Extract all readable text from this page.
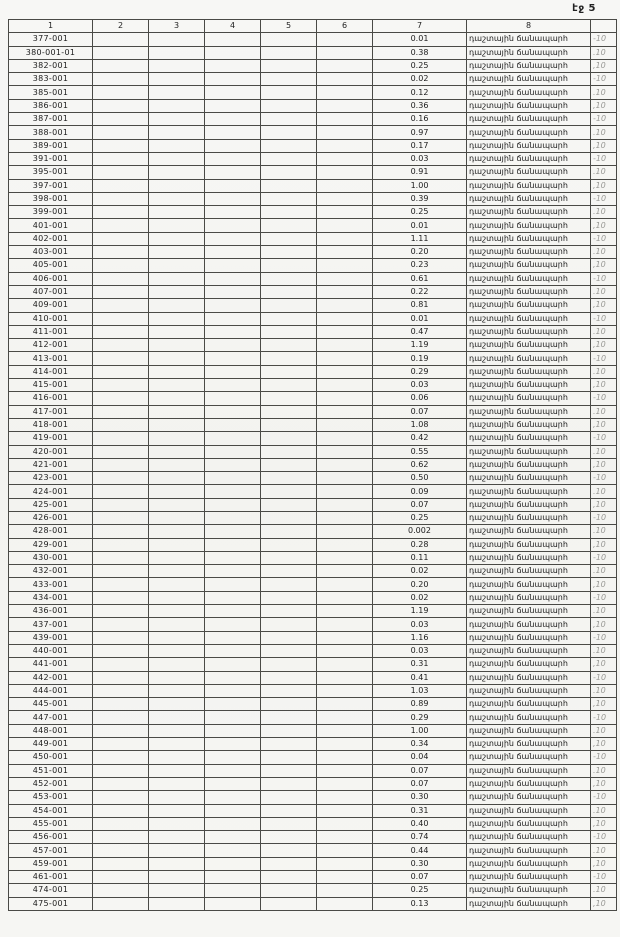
էջ 5
1	2	3	4	5	6	7	8	
377-001						0.01	դաշտային ճանապարհ	-10
380-001-01						0.38	դաշտային ճանապարհ	.10
382-001						0.25	դաշտային ճանապարհ	,10
383-001						0.02	դաշտային ճանապարհ	-10
385-001						0.12	դաշտային ճանապարհ	.10
386-001						0.36	դաշտային ճանապարհ	,10
387-001						0.16	դաշտային ճանապարհ	-10
388-001						0.97	դաշտային ճանապարհ	.10
389-001						0.17	դաշտային ճանապարհ	,10
391-001						0.03	դաշտային ճանապարհ	-10
395-001						0.91	դաշտային ճանապարհ	.10
397-001						1.00	դաշտային ճանապարհ	,10
398-001						0.39	դաշտային ճանապարհ	-10
399-001						0.25	դաշտային ճանապարհ	.10
401-001						0.01	դաշտային ճանապարհ	,10
402-001						1.11	դաշտային ճանապարհ	-10
403-001						0.20	դաշտային ճանապարհ	.10
405-001						0.23	դաշտային ճանապարհ	,10
406-001						0.61	դաշտային ճանապարհ	-10
407-001						0.22	դաշտային ճանապարհ	.10
409-001						0.81	դաշտային ճանապարհ	,10
410-001						0.01	դաշտային ճանապարհ	-10
411-001						0.47	դաշտային ճանապարհ	.10
412-001						1.19	դաշտային ճանապարհ	,10
413-001						0.19	դաշտային ճանապարհ	-10
414-001						0.29	դաշտային ճանապարհ	.10
415-001						0.03	դաշտային ճանապարհ	,10
416-001						0.06	դաշտային ճանապարհ	-10
417-001						0.07	դաշտային ճանապարհ	.10
418-001						1.08	դաշտային ճանապարհ	,10
419-001						0.42	դաշտային ճանապարհ	-10
420-001						0.55	դաշտային ճանապարհ	.10
421-001						0.62	դաշտային ճանապարհ	,10
423-001						0.50	դաշտային ճանապարհ	-10
424-001						0.09	դաշտային ճանապարհ	.10
425-001						0.07	դաշտային ճանապարհ	,10
426-001						0.25	դաշտային ճանապարհ	-10
428-001						0.002	դաշտային ճանապարհ	.10
429-001						0.28	դաշտային ճանապարհ	,10
430-001						0.11	դաշտային ճանապարհ	-10
432-001						0.02	դաշտային ճանապարհ	.10
433-001						0.20	դաշտային ճանապարհ	,10
434-001						0.02	դաշտային ճանապարհ	-10
436-001						1.19	դաշտային ճանապարհ	.10
437-001						0.03	դաշտային ճանապարհ	,10
439-001						1.16	դաշտային ճանապարհ	-10
440-001						0.03	դաշտային ճանապարհ	.10
441-001						0.31	դաշտային ճանապարհ	,10
442-001						0.41	դաշտային ճանապարհ	-10
444-001						1.03	դաշտային ճանապարհ	.10
445-001						0.89	դաշտային ճանապարհ	,10
447-001						0.29	դաշտային ճանապարհ	-10
448-001						1.00	դաշտային ճանապարհ	.10
449-001						0.34	դաշտային ճանապարհ	,10
450-001						0.04	դաշտային ճանապարհ	-10
451-001						0.07	դաշտային ճանապարհ	.10
452-001						0.07	դաշտային ճանապարհ	,10
453-001						0.30	դաշտային ճանապարհ	-10
454-001						0.31	դաշտային ճանապարհ	.10
455-001						0.40	դաշտային ճանապարհ	,10
456-001						0.74	դաշտային ճանապարհ	-10
457-001						0.44	դաշտային ճանապարհ	.10
459-001						0.30	դաշտային ճանապարհ	,10
461-001						0.07	դաշտային ճանապարհ	-10
474-001						0.25	դաշտային ճանապարհ	.10
475-001						0.13	դաշտային ճանապարհ	,10
